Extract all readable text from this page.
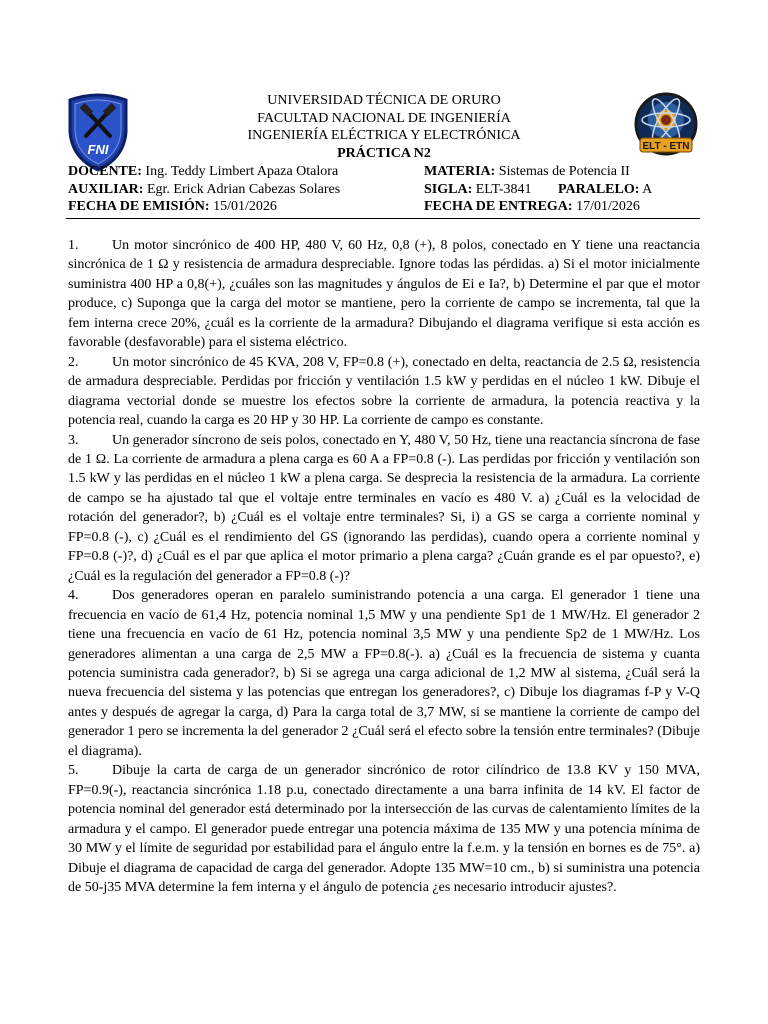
FNI	ELT - ETN
UNIVERSIDAD TÉCNICA DE ORURO
FACULTAD NACIONAL DE INGENIERÍA
INGENIERÍA ELÉCTRICA Y ELECTRÓNICA
PRÁCTICA N2
DOCENTE: Ing. Teddy Limbert Apaza Otalora	MATERIA: Sistemas de Potencia II
AUXILIAR: Egr. Erick Adrian Cabezas Solares	SIGLA: ELT-3841 PARALELO: A
FECHA DE EMISIÓN: 15/01/2026	FECHA DE ENTREGA: 17/01/2026

1. Un motor sincrónico de 400 HP, 480 V, 60 Hz, 0,8 (+), 8 polos, conectado en Y tiene una reactancia sincrónica de 1 Ω y resistencia de armadura despreciable. Ignore todas las pérdidas. a) Si el motor inicialmente suministra 400 HP a 0,8(+), ¿cuáles son las magnitudes y ángulos de Ei e Ia?, b) Determine el par que el motor produce, c) Suponga que la carga del motor se mantiene, pero la corriente de campo se incrementa, tal que la fem interna crece 20%, ¿cuál es la corriente de la armadura? Dibujando el diagrama verifique si esta acción es favorable (desfavorable) para el sistema eléctrico.

2. Un motor sincrónico de 45 KVA, 208 V, FP=0.8 (+), conectado en delta, reactancia de 2.5 Ω, resistencia de armadura despreciable. Perdidas por fricción y ventilación 1.5 kW y perdidas en el núcleo 1 kW. Dibuje el diagrama vectorial donde se muestre los efectos sobre la corriente de armadura, la potencia reactiva y la potencia real, cuando la carga es 20 HP y 30 HP. La corriente de campo es constante.

3. Un generador síncrono de seis polos, conectado en Y, 480 V, 50 Hz, tiene una reactancia síncrona de fase de 1 Ω. La corriente de armadura a plena carga es 60 A a FP=0.8 (-). Las perdidas por fricción y ventilación son 1.5 kW y las perdidas en el núcleo 1 kW a plena carga. Se desprecia la resistencia de la armadura. La corriente de campo se ha ajustado tal que el voltaje entre terminales en vacío es 480 V. a) ¿Cuál es la velocidad de rotación del generador?, b) ¿Cuál es el voltaje entre terminales? Si, i) a GS se carga a corriente nominal y FP=0.8 (-), c) ¿Cuál es el rendimiento del GS (ignorando las perdidas), cuando opera a corriente nominal y FP=0.8 (-)?, d) ¿Cuál es el par que aplica el motor primario a plena carga? ¿Cuán grande es el par opuesto?, e) ¿Cuál es la regulación del generador a FP=0.8 (-)?

4. Dos generadores operan en paralelo suministrando potencia a una carga. El generador 1 tiene una frecuencia en vacío de 61,4 Hz, potencia nominal 1,5 MW y una pendiente Sp1 de 1 MW/Hz. El generador 2 tiene una frecuencia en vacío de 61 Hz, potencia nominal 3,5 MW y una pendiente Sp2 de 1 MW/Hz. Los generadores alimentan a una carga de 2,5 MW a FP=0.8(-). a) ¿Cuál es la frecuencia de sistema y cuanta potencia suministra cada generador?, b) Si se agrega una carga adicional de 1,2 MW al sistema, ¿Cuál será la nueva frecuencia del sistema y las potencias que entregan los generadores?, c) Dibuje los diagramas f-P y V-Q antes y después de agregar la carga, d) Para la carga total de 3,7 MW, si se mantiene la corriente de campo del generador 1 pero se incrementa la del generador 2 ¿Cuál será el efecto sobre la tensión entre terminales? (Dibuje el diagrama).

5. Dibuje la carta de carga de un generador sincrónico de rotor cilíndrico de 13.8 KV y 150 MVA, FP=0.9(-), reactancia sincrónica 1.18 p.u, conectado directamente a una barra infinita de 14 kV. El factor de potencia nominal del generador está determinado por la intersección de las curvas de calentamiento límites de la armadura y el campo. El generador puede entregar una potencia máxima de 135 MW y una potencia mínima de 30 MW y el límite de seguridad por estabilidad para el ángulo entre la f.e.m. y la tensión en bornes es de 75°. a) Dibuje el diagrama de capacidad de carga del generador. Adopte 135 MW=10 cm., b) si suministra una potencia de 50-j35 MVA determine la fem interna y el ángulo de potencia ¿es necesario introducir ajustes?.
